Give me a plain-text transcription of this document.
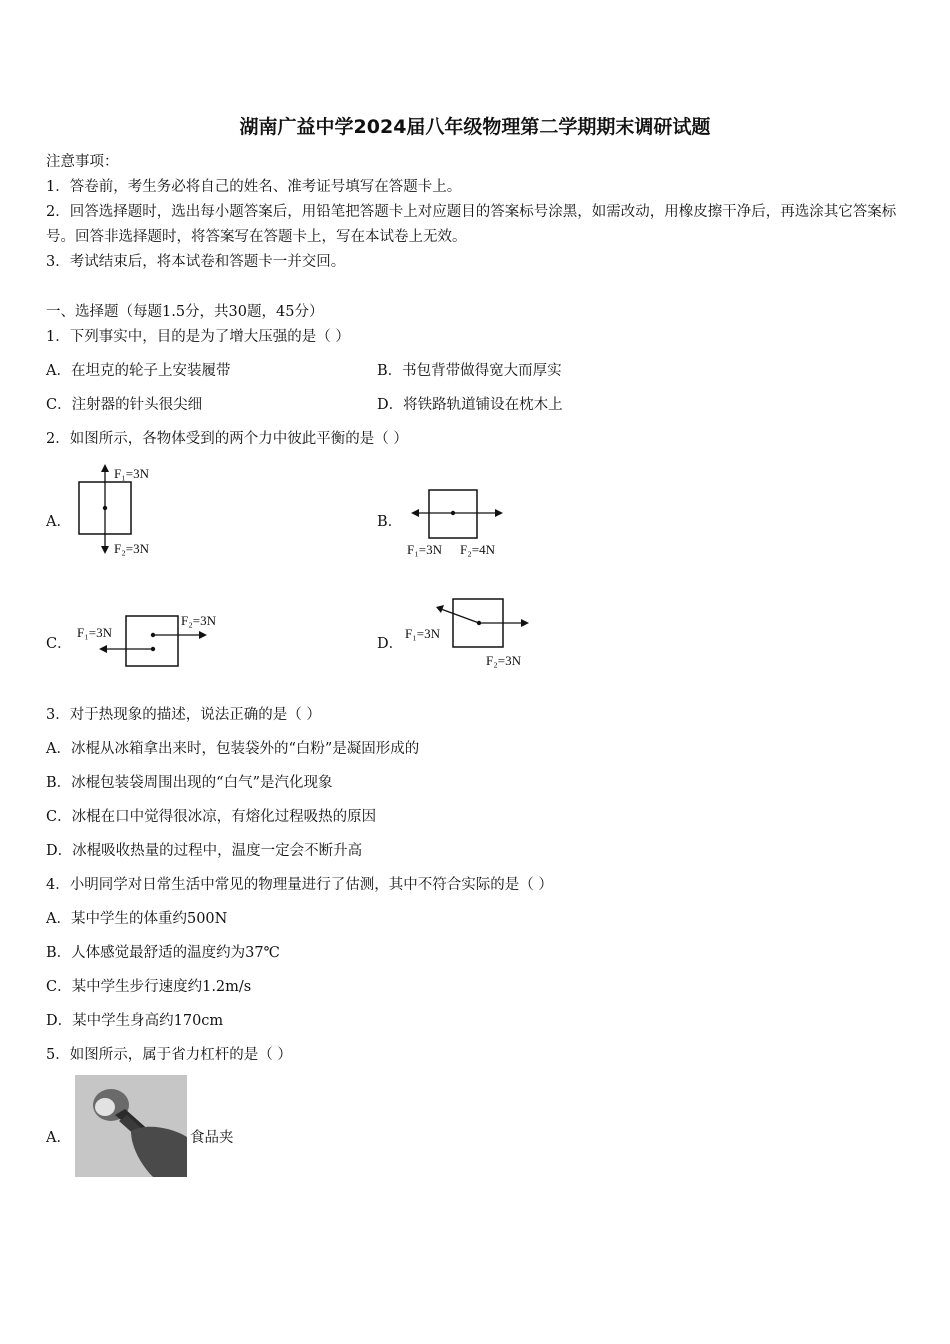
湖南广益中学2024届八年级物理第二学期期末调研试题
注意事项：
1．答卷前，考生务必将自己的姓名、准考证号填写在答题卡上。
2．回答选择题时，选出每小题答案后，用铅笔把答题卡上对应题目的答案标号涂黑，如需改动，用橡皮擦干净后，再选涂其它答案标号。回答非选择题时，将答案写在答题卡上，写在本试卷上无效。
3．考试结束后，将本试卷和答题卡一并交回。
一、选择题（每题1.5分，共30题，45分）
1．下列事实中，目的是为了增大压强的是（ ）
A．在坦克的轮子上安装履带	B．书包背带做得宽大而厚实
C．注射器的针头很尖细	D．将铁路轨道铺设在枕木上
2．如图所示，各物体受到的两个力中彼此平衡的是（ ）
A．
F₁=3N
F₂=3N
B．
F₁=3N F₂=4N
C．
F₁=3N
F₂=3N
D．
F₁=3N
F₂=3N
3．对于热现象的描述，说法正确的是（ ）
A．冰棍从冰箱拿出来时，包装袋外的“白粉”是凝固形成的
B．冰棍包装袋周围出现的“白气”是汽化现象
C．冰棍在口中觉得很冰凉，有熔化过程吸热的原因
D．冰棍吸收热量的过程中，温度一定会不断升高
4．小明同学对日常生活中常见的物理量进行了估测，其中不符合实际的是（ ）
A．某中学生的体重约500N
B．人体感觉最舒适的温度约为37℃
C．某中学生步行速度约1.2m/s
D．某中学生身高约170cm
5．如图所示，属于省力杠杆的是（ ）
A．	食品夹
